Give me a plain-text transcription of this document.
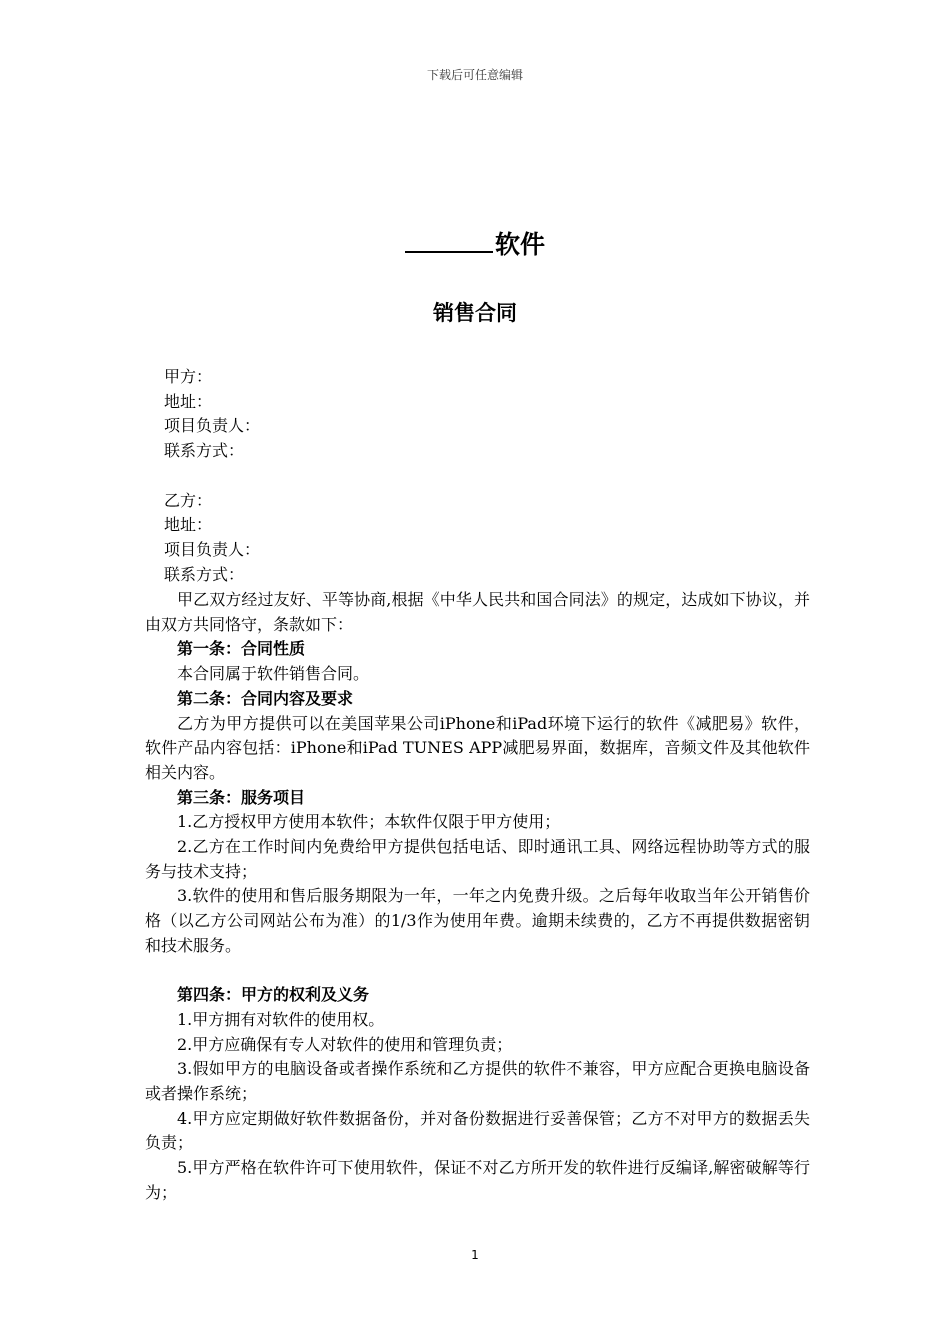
下载后可任意编辑
软件
销售合同
甲方：
地址：
项目负责人：
联系方式：
乙方：
地址：
项目负责人：
联系方式：

甲乙双方经过友好、平等协商,根据《中华人民共和国合同法》的规定，达成如下协议，并由双方共同恪守，条款如下：

第一条：合同性质

本合同属于软件销售合同。

第二条：合同内容及要求

乙方为甲方提供可以在美国苹果公司iPhone和iPad环境下运行的软件《减肥易》软件，软件产品内容包括：iPhone和iPad TUNES APP减肥易界面，数据库，音频文件及其他软件相关内容。

第三条：服务项目

1.乙方授权甲方使用本软件；本软件仅限于甲方使用；

2.乙方在工作时间内免费给甲方提供包括电话、即时通讯工具、网络远程协助等方式的服务与技术支持；

3.软件的使用和售后服务期限为一年，一年之内免费升级。之后每年收取当年公开销售价格（以乙方公司网站公布为准）的1/3作为使用年费。逾期未续费的，乙方不再提供数据密钥和技术服务。

第四条：甲方的权利及义务

1.甲方拥有对软件的使用权。

2.甲方应确保有专人对软件的使用和管理负责；

3.假如甲方的电脑设备或者操作系统和乙方提供的软件不兼容，甲方应配合更换电脑设备或者操作系统；

4.甲方应定期做好软件数据备份，并对备份数据进行妥善保管；乙方不对甲方的数据丢失负责；

5.甲方严格在软件许可下使用软件，保证不对乙方所开发的软件进行反编译,解密破解等行为；

1
